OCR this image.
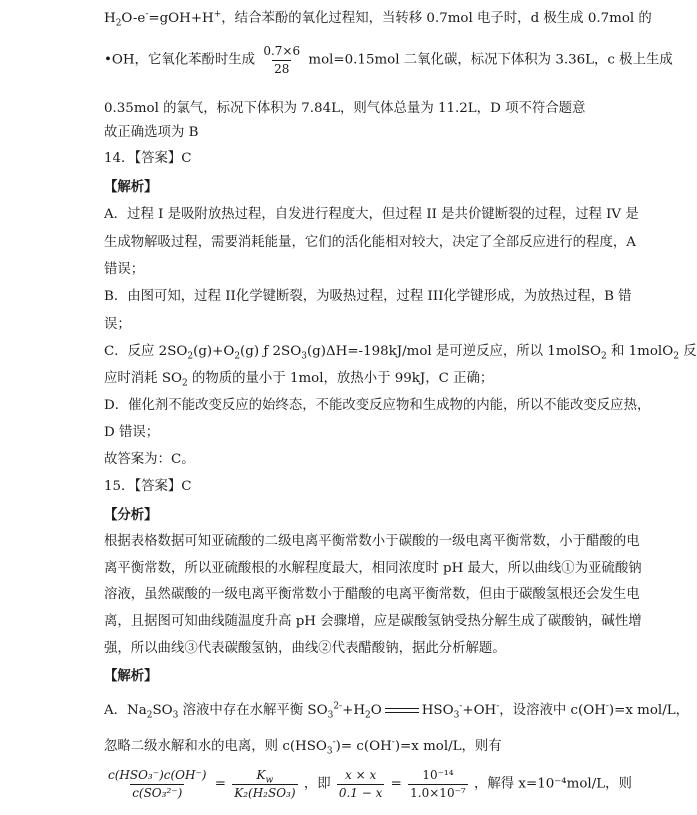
$H_2O-e^-=gOH+H^+$，结合苯酚的氧化过程知，当转移 0.7mol 电子时，d 极生成 0.7mol 的
•OH，它氧化苯酚时生成 $\frac{0.7\times 6}{28} mol=0.15mol$ 二氧化碳，标况下体积为 3.36L，c 极上生成
0.35mol 的氯气，标况下体积为 7.84L，则气体总量为 11.2L，D 项不符合题意
故正确选项为 B
14．【答案】C
【解析】
A．过程 I 是吸附放热过程，自发进行程度大，但过程 II 是共价键断裂的过程，过程 IV 是
生成物解吸过程，需要消耗能量，它们的活化能相对较大，决定了全部反应进行的程度，A
错误；
B．由图可知，过程 II化学键断裂，为吸热过程，过程 III化学键形成，为放热过程，B 错
误；
C．反应 $2SO_2(g)+O_2(g)$ ƒ $2SO_3(g)\Delta H=-198kJ$/mol 是可逆反应，所以 1molSO$_2$ 和 1molO$_2$ 反
应时消耗 $SO_2$ 的物质的量小于 1mol，放热小于 99kJ，C 正确；
D．催化剂不能改变反应的始终态，不能改变反应物和生成物的内能，所以不能改变反应热，
D 错误；
故答案为：C。
15．【答案】C
【分析】
根据表格数据可知亚硫酸的二级电离平衡常数小于碳酸的一级电离平衡常数，小于醋酸的电
离平衡常数，所以亚硫酸根的水解程度最大，相同浓度时 pH 最大，所以曲线①为亚硫酸钠
溶液，虽然碳酸的一级电离平衡常数小于醋酸的电离平衡常数，但由于碳酸氢根还会发生电
离，且据图可知曲线随温度升高 pH 会骤增，应是碳酸氢钠受热分解生成了碳酸钠，碱性增
强，所以曲线③代表碳酸氢钠，曲线②代表醋酸钠，据此分析解题。
【解析】
A．$Na_2SO_3$ 溶液中存在水解平衡 $SO_3^{2-}+H_2O$	$HSO_3^-+OH^-$，设溶液中 c(OH-)=x mol/L，
忽略二级水解和水的电离，则 $c(HSO_3^-)= c(OH^-)=x$ mol/L，则有
$\frac{\text{c(HSO₃⁻)c(OH⁻)}}{\text{c(SO₃²⁻)}} = \frac{K_w}{\text{K₂(H₂SO₃)}}$ ，即 $\frac{x \times x}{0.1 - x} = \frac{\text{10⁻¹⁴}}{\text{1.0×10⁻⁷}}$ ，解得 x=10⁻⁴mol/L，则
